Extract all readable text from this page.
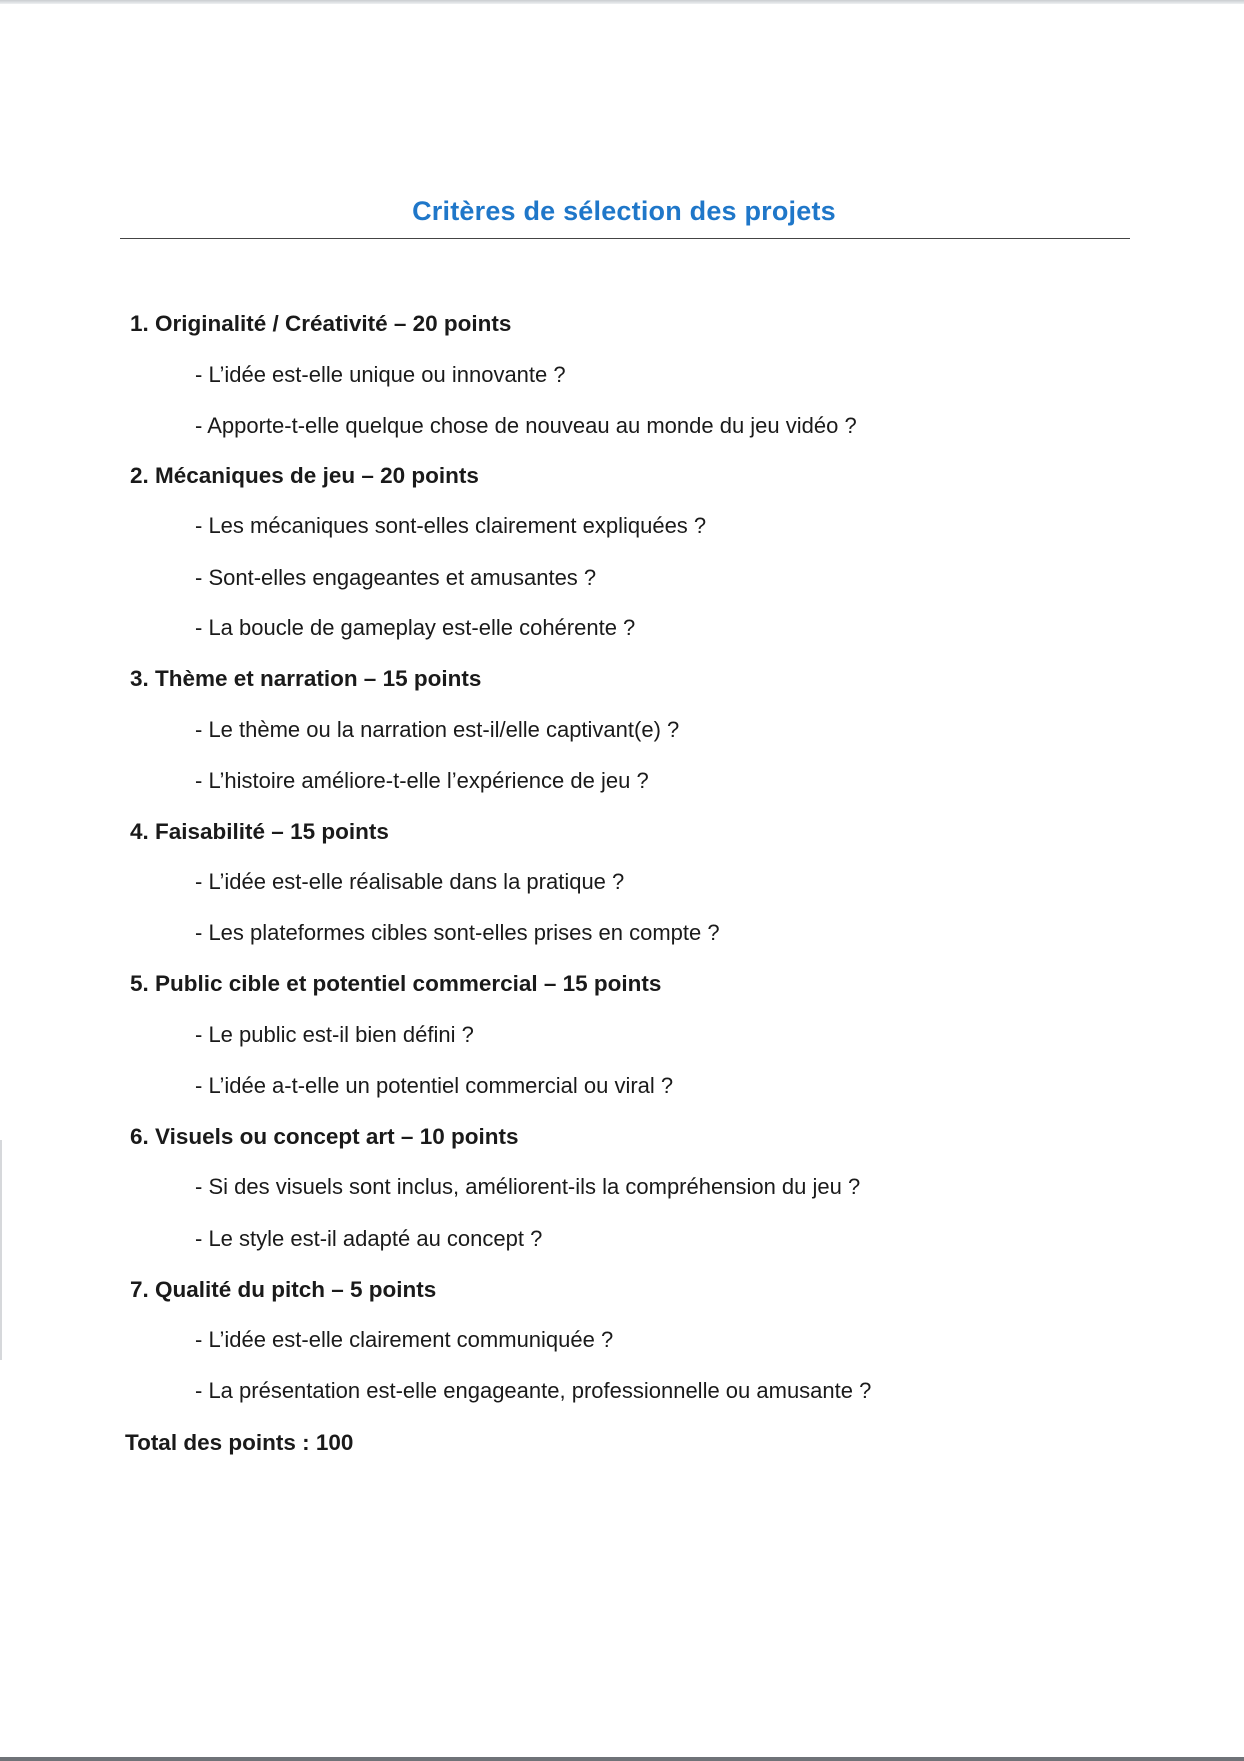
Critères de sélection des projets
1. Originalité / Créativité – 20 points
- L’idée est-elle unique ou innovante ?
- Apporte-t-elle quelque chose de nouveau au monde du jeu vidéo ?
2. Mécaniques de jeu – 20 points
- Les mécaniques sont-elles clairement expliquées ?
- Sont-elles engageantes et amusantes ?
- La boucle de gameplay est-elle cohérente ?
3. Thème et narration – 15 points
- Le thème ou la narration est-il/elle captivant(e) ?
- L’histoire améliore-t-elle l’expérience de jeu ?
4. Faisabilité – 15 points
- L’idée est-elle réalisable dans la pratique ?
- Les plateformes cibles sont-elles prises en compte ?
5. Public cible et potentiel commercial – 15 points
- Le public est-il bien défini ?
- L’idée a-t-elle un potentiel commercial ou viral ?
6. Visuels ou concept art – 10 points
- Si des visuels sont inclus, améliorent-ils la compréhension du jeu ?
- Le style est-il adapté au concept ?
7. Qualité du pitch – 5 points
- L’idée est-elle clairement communiquée ?
- La présentation est-elle engageante, professionnelle ou amusante ?
Total des points : 100
